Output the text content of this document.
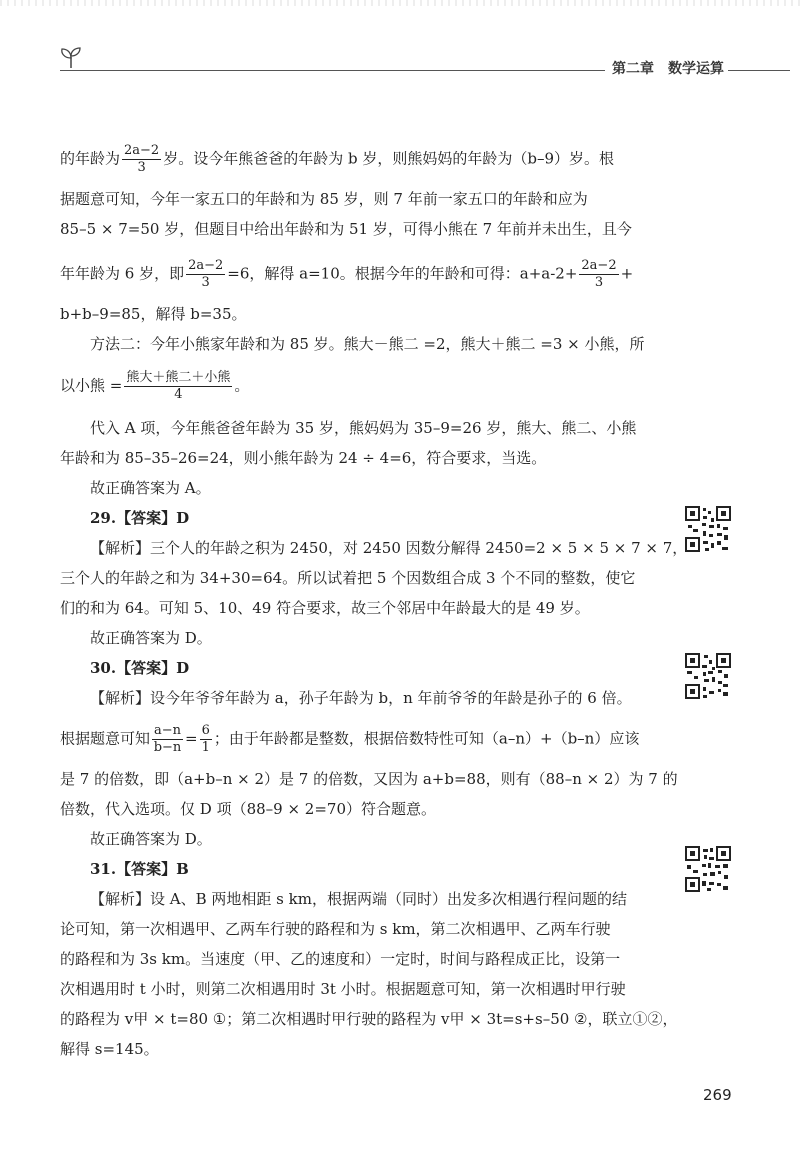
第二章　数学运算
的年龄为 $\frac{2a-2}{3}$ 岁。设今年熊爸爸的年龄为 b 岁，则熊妈妈的年龄为（b–9）岁。根
据题意可知，今年一家五口的年龄和为 85 岁，则 7 年前一家五口的年龄和应为
85–5 × 7=50 岁，但题目中给出年龄和为 51 岁，可得小熊在 7 年前并未出生，且今
年年龄为 6 岁，即 $\frac{2a-2}{3} =6$，解得 a=10。根据今年的年龄和可得：$a+a-2+ \frac{2a-2}{3}$ +
b+b–9=85，解得 b=35。
方法二：今年小熊家年龄和为 85 岁。熊大－熊二 =2，熊大＋熊二 =3 × 小熊，所
以小熊 = $\frac{\text{熊大＋熊二＋小熊}}{4}$ 。
代入 A 项，今年熊爸爸年龄为 35 岁，熊妈妈为 35–9=26 岁，熊大、熊二、小熊
年龄和为 85–35–26=24，则小熊年龄为 24 ÷ 4=6，符合要求，当选。
故正确答案为 A。
29.【答案】D
【解析】三个人的年龄之积为 2450，对 2450 因数分解得 2450=2 × 5 × 5 × 7 × 7，
三个人的年龄之和为 34+30=64。所以试着把 5 个因数组合成 3 个不同的整数，使它
们的和为 64。可知 5、10、49 符合要求，故三个邻居中年龄最大的是 49 岁。
故正确答案为 D。
30.【答案】D
【解析】设今年爷爷年龄为 a，孙子年龄为 b，n 年前爷爷的年龄是孙子的 6 倍。
根据题意可知 $\frac{a-n}{b-n} = \frac{6}{1}$ ；由于年龄都是整数，根据倍数特性可知（a–n）+（b–n）应该
是 7 的倍数，即（a+b–n × 2）是 7 的倍数，又因为 a+b=88，则有（88–n × 2）为 7 的
倍数，代入选项。仅 D 项（88–9 × 2=70）符合题意。
故正确答案为 D。
31.【答案】B
【解析】设 A、B 两地相距 s km，根据两端（同时）出发多次相遇行程问题的结
论可知，第一次相遇甲、乙两车行驶的路程和为 s km，第二次相遇甲、乙两车行驶
的路程和为 3s km。当速度（甲、乙的速度和）一定时，时间与路程成正比，设第一
次相遇用时 t 小时，则第二次相遇用时 3t 小时。根据题意可知，第一次相遇时甲行驶
的路程为 v甲 × t=80 ①；第二次相遇时甲行驶的路程为 v甲 × 3t=s+s–50 ②，联立①②，
解得 s=145。
269
